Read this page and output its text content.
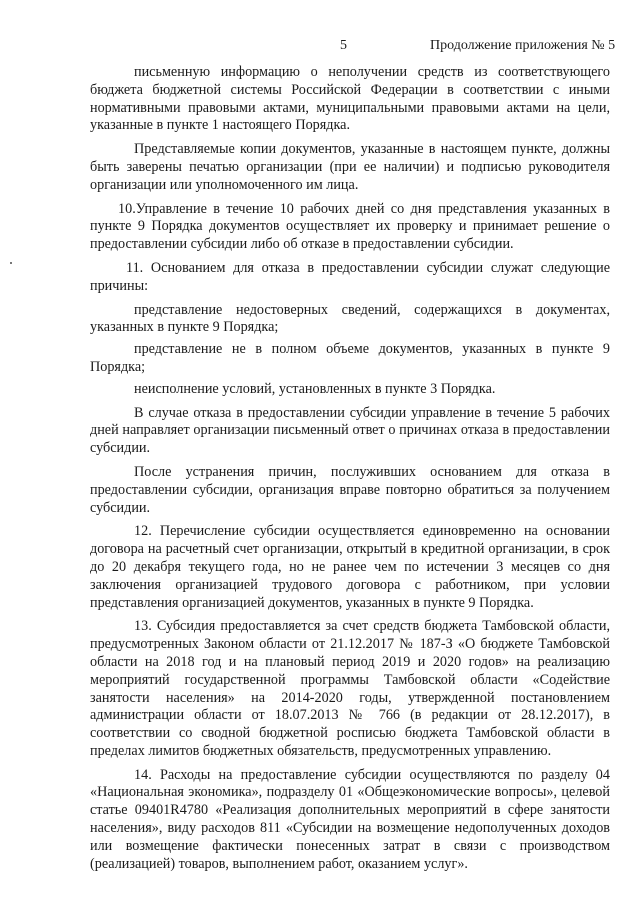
5	Продолжение приложения № 5

письменную информацию о неполучении средств из соответствующего бюджета бюджетной системы Российской Федерации в соответствии с иными нормативными правовыми актами, муниципальными правовыми актами на цели, указанные в пункте 1 настоящего Порядка.

Представляемые копии документов, указанные в настоящем пункте, должны быть заверены печатью организации (при ее наличии) и подписью руководителя организации или уполномоченного им лица.

10.Управление в течение 10 рабочих дней со дня представления указанных в пункте 9 Порядка документов осуществляет их проверку и принимает решение о предоставлении субсидии либо об отказе в предоставлении субсидии.

11. Основанием для отказа в предоставлении субсидии служат следующие причины:

представление недостоверных сведений, содержащихся в документах, указанных в пункте 9 Порядка;

представление не в полном объеме документов, указанных в пункте 9 Порядка;

неисполнение условий, установленных в пункте 3 Порядка.

В случае отказа в предоставлении субсидии управление в течение 5 рабочих дней направляет организации письменный ответ о причинах отказа в предоставлении субсидии.

После устранения причин, послуживших основанием для отказа в предоставлении субсидии, организация вправе повторно обратиться за получением субсидии.

12. Перечисление субсидии осуществляется единовременно на основании договора на расчетный счет организации, открытый в кредитной организации, в срок до 20 декабря текущего года, но не ранее чем по истечении 3 месяцев со дня заключения организацией трудового договора с работником, при условии представления организацией документов, указанных в пункте 9 Порядка.

13. Субсидия предоставляется за счет средств бюджета Тамбовской области, предусмотренных Законом области от 21.12.2017 № 187-З «О бюджете Тамбовской области на 2018 год и на плановый период 2019 и 2020 годов» на реализацию мероприятий государственной программы Тамбовской области «Содействие занятости населения» на 2014-2020 годы, утвержденной постановлением администрации области от 18.07.2013 № 766 (в редакции от 28.12.2017), в соответствии со сводной бюджетной росписью бюджета Тамбовской области в пределах лимитов бюджетных обязательств, предусмотренных управлению.

14. Расходы на предоставление субсидии осуществляются по разделу 04 «Национальная экономика», подразделу 01 «Общеэкономические вопросы», целевой статье 09401R4780 «Реализация дополнительных мероприятий в сфере занятости населения», виду расходов 811 «Субсидии на возмещение недополученных доходов или возмещение фактически понесенных затрат в связи с производством (реализацией) товаров, выполнением работ, оказанием услуг».
